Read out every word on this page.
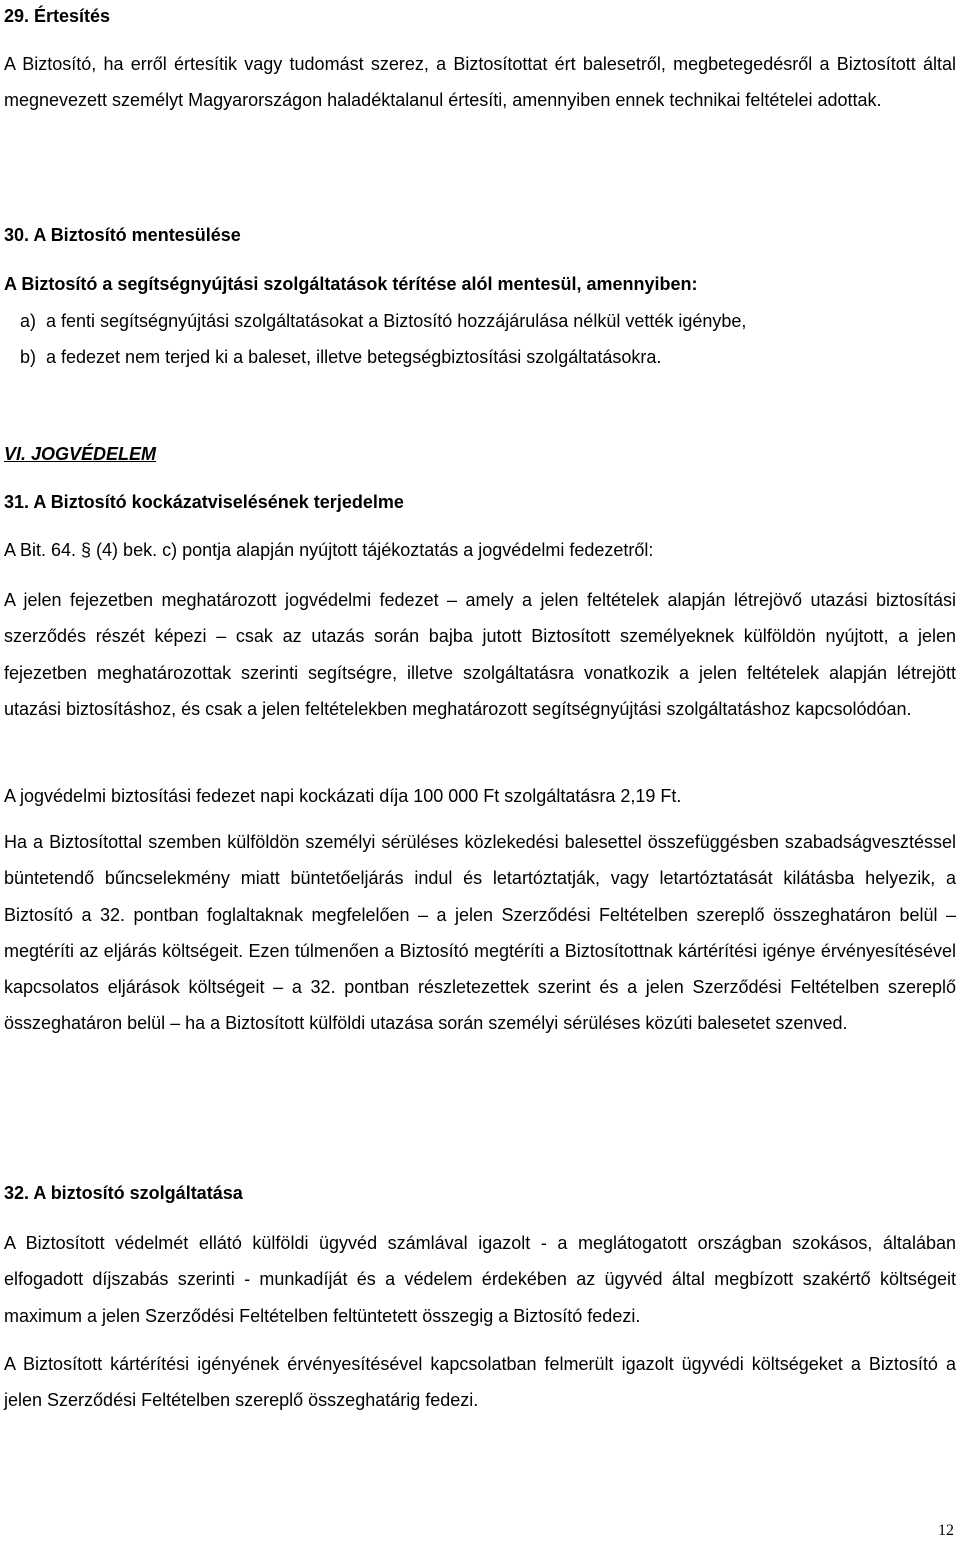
29. Értesítés

A Biztosító, ha erről értesítik vagy tudomást szerez, a Biztosítottat ért balesetről, megbetegedésről a Biztosított által megnevezett személyt Magyarországon haladéktalanul értesíti, amennyiben ennek technikai feltételei adottak.

30. A Biztosító mentesülése

A Biztosító a segítségnyújtási szolgáltatások térítése alól mentesül, amennyiben:

a) a fenti segítségnyújtási szolgáltatásokat a Biztosító hozzájárulása nélkül vették igénybe,
b) a fedezet nem terjed ki a baleset, illetve betegségbiztosítási szolgáltatásokra.
VI. JOGVÉDELEM
31. A Biztosító kockázatviselésének terjedelme

A Bit. 64. § (4) bek. c) pontja alapján nyújtott tájékoztatás a jogvédelmi fedezetről:

A jelen fejezetben meghatározott jogvédelmi fedezet – amely a jelen feltételek alapján létrejövő utazási biztosítási szerződés részét képezi – csak az utazás során bajba jutott Biztosított személyeknek külföldön nyújtott, a jelen fejezetben meghatározottak szerinti segítségre, illetve szolgáltatásra vonatkozik a jelen feltételek alapján létrejött utazási biztosításhoz, és csak a jelen feltételekben meghatározott segítségnyújtási szolgáltatáshoz kapcsolódóan.

A jogvédelmi biztosítási fedezet napi kockázati díja 100 000 Ft szolgáltatásra 2,19 Ft.

Ha a Biztosítottal szemben külföldön személyi sérüléses közlekedési balesettel összefüggésben szabadságvesztéssel büntetendő bűncselekmény miatt büntetőeljárás indul és letartóztatják, vagy letartóztatását kilátásba helyezik, a Biztosító a 32. pontban foglaltaknak megfelelően – a jelen Szerződési Feltételben szereplő összeghatáron belül – megtéríti az eljárás költségeit. Ezen túlmenően a Biztosító megtéríti a Biztosítottnak kártérítési igénye érvényesítésével kapcsolatos eljárások költségeit – a 32. pontban részletezettek szerint és a jelen Szerződési Feltételben szereplő összeghatáron belül – ha a Biztosított külföldi utazása során személyi sérüléses közúti balesetet szenved.

32. A biztosító szolgáltatása

A Biztosított védelmét ellátó külföldi ügyvéd számlával igazolt - a meglátogatott országban szokásos, általában elfogadott díjszabás szerinti - munkadíját és a védelem érdekében az ügyvéd által megbízott szakértő költségeit maximum a jelen Szerződési Feltételben feltüntetett összegig a Biztosító fedezi.

A Biztosított kártérítési igényének érvényesítésével kapcsolatban felmerült igazolt ügyvédi költségeket a Biztosító a jelen Szerződési Feltételben szereplő összeghatárig fedezi.

12
